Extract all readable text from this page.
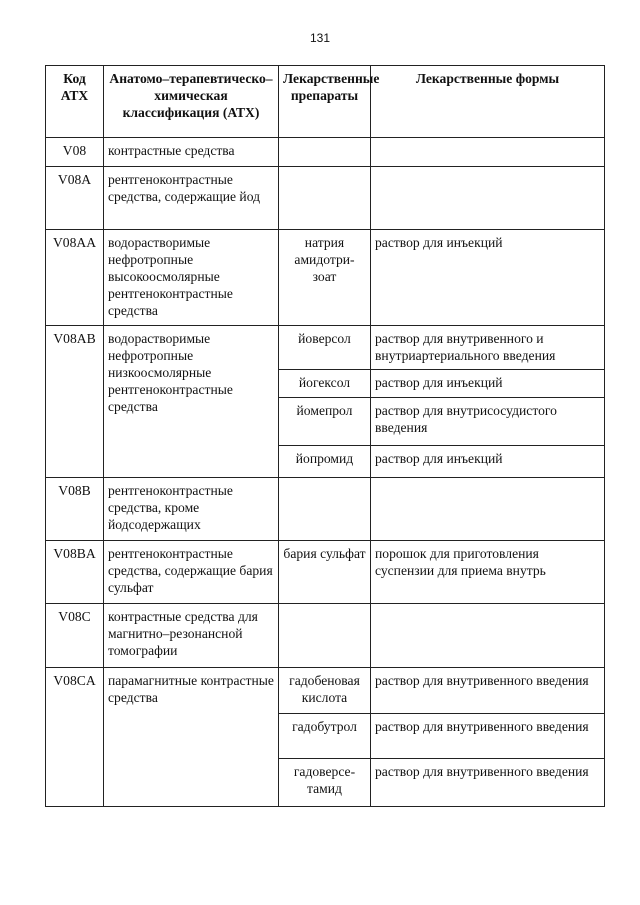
131
Код АТХ	Анатомо–терапевтическо–химическая классификация (АТХ)	Лекарственные препараты	Лекарственные формы
V08	контрастные средства		
V08A	рентгеноконтрастные средства, содержащие йод		
V08AA	водорастворимые нефротропные высокоосмолярные рентгеноконтрастные средства	натрия амидотри-зоат	раствор для инъекций
V08AB	водорастворимые нефротропные низкоосмолярные рентгеноконтрастные средства	йоверсол	раствор для внутривенного и внутриартериального введения
		йогексол	раствор для инъекций
		йомепрол	раствор для внутрисосудистого введения
		йопромид	раствор для инъекций
V08B	рентгеноконтрастные средства, кроме йодсодержащих		
V08BA	рентгеноконтрастные средства, содержащие бария сульфат	бария сульфат	порошок для приготовления суспензии для приема внутрь
V08C	контрастные средства для магнитно–резонансной томографии		
V08CA	парамагнитные контрастные средства	гадобеновая кислота	раствор для внутривенного введения
		гадобутрол	раствор для внутривенного введения
		гадоверсе-тамид	раствор для внутривенного введения
